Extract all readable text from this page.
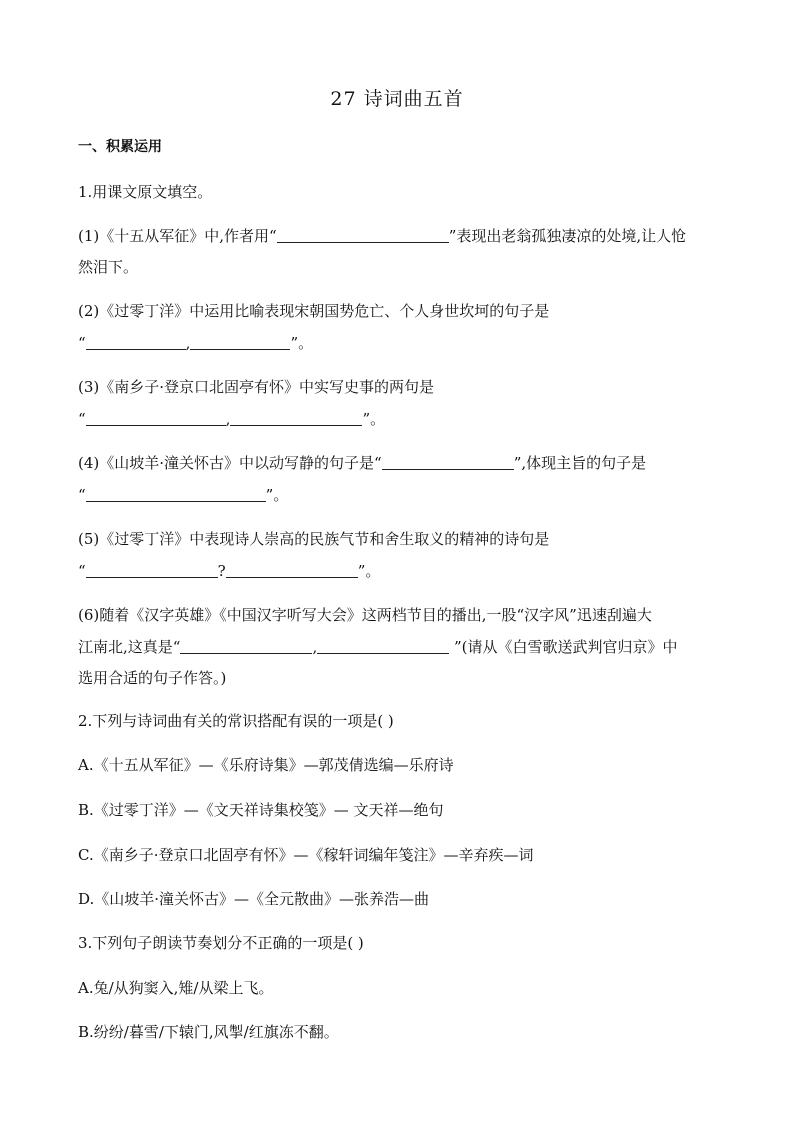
27 诗词曲五首
一、积累运用
1.用课文原文填空。
(1)《十五从军征》中,作者用“	”表现出老翁孤独凄凉的处境,让人怆
然泪下。
(2)《过零丁洋》中运用比喻表现宋朝国势危亡、个人身世坎坷的句子是
“	,	”。
(3)《南乡子·登京口北固亭有怀》中实写史事的两句是
“	,	”。
(4)《山坡羊·潼关怀古》中以动写静的句子是“	”,体现主旨的句子是
“	”。
(5)《过零丁洋》中表现诗人崇高的民族气节和舍生取义的精神的诗句是
“	?	”。
(6)随着《汉字英雄》《中国汉字听写大会》这两档节目的播出,一股“汉字风”迅速刮遍大
江南北,这真是“	,	”(请从《白雪歌送武判官归京》中
选用合适的句子作答。)
2.下列与诗词曲有关的常识搭配有误的一项是( )
A.《十五从军征》—《乐府诗集》—郭茂倩选编—乐府诗
B.《过零丁洋》—《文天祥诗集校笺》— 文天祥—绝句
C.《南乡子·登京口北固亭有怀》—《稼轩词编年笺注》—辛弃疾—词
D.《山坡羊·潼关怀古》—《全元散曲》—张养浩—曲
3.下列句子朗读节奏划分不正确的一项是( )
A.兔/从狗窦入,雉/从梁上飞。
B.纷纷/暮雪/下辕门,风掣/红旗冻不翻。
